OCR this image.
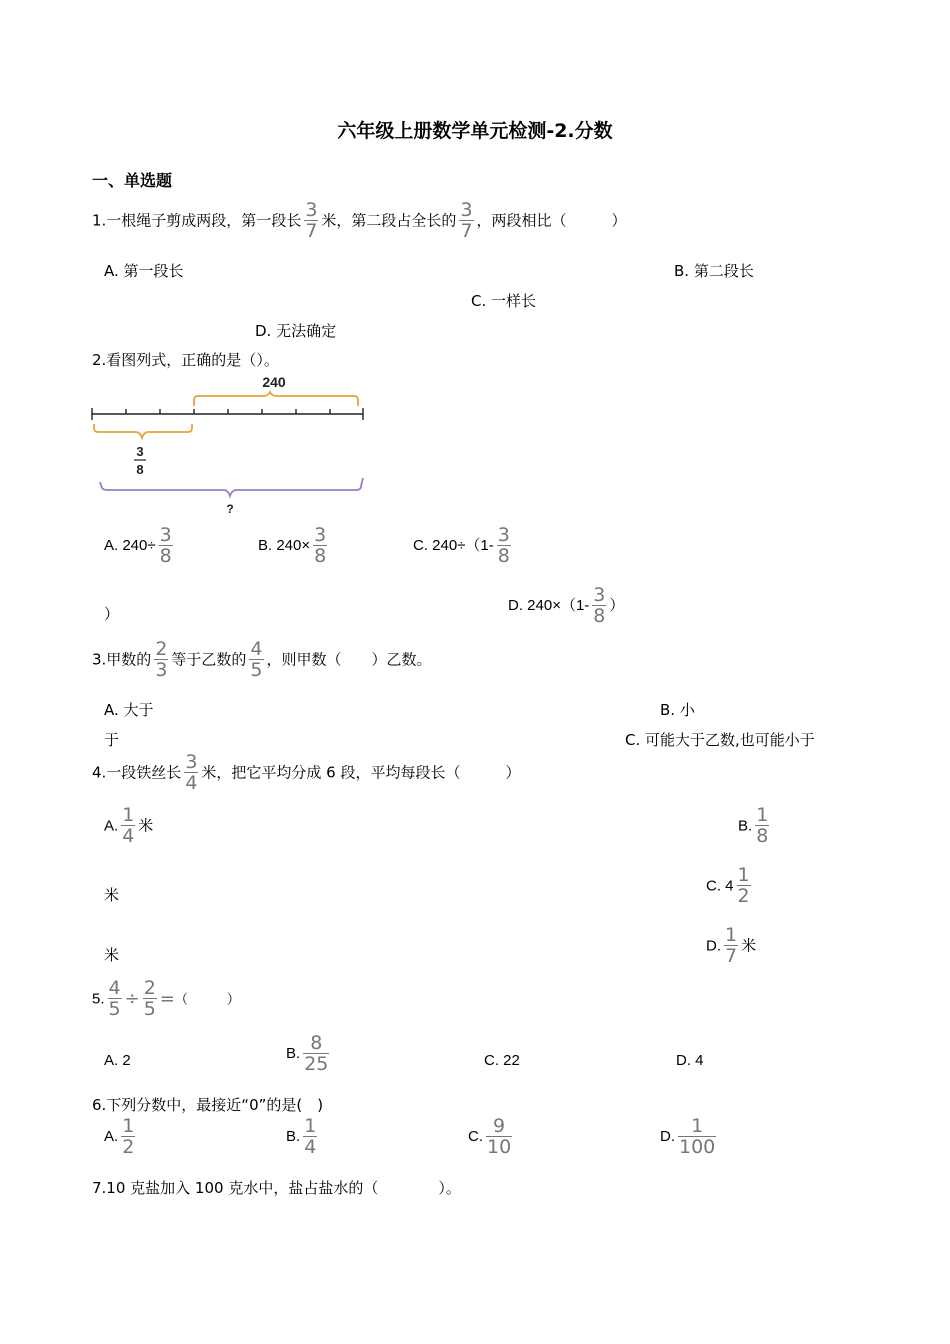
六年级上册数学单元检测-2.分数
一、单选题
1.一根绳子剪成两段，第一段长 $\frac{3}{7}$ 米，第二段占全长的 $\frac{3}{7}$ ，两段相比（　　　）
A. 第一段长	B. 第二段长
C. 一样长
D. 无法确定
2.看图列式，正确的是（）。
240
3
8
?
A. $240\div \frac{3}{8}$	B. $240\times \frac{3}{8}$	C. $240\div(1- \frac{3}{8}$
）
D. $240\times(1- \frac{3}{8}$ ）
3.甲数的 $\frac{2}{3}$ 等于乙数的 $\frac{4}{5}$ ，则甲数（　　）乙数。
A. 大于	B. 小
于	C. 可能大于乙数,也可能小于
4.一段铁丝长 $\frac{3}{4}$ 米，把它平均分成 6 段，平均每段长（　　　）
A. $\frac{1}{4}$ 米	B. $\frac{1}{8}$
米	C. $4 \frac{1}{2}$
米	D. $\frac{1}{7}$ 米
5. $\frac{4}{5} \div \frac{2}{5}$ =（　　　）
A. 2	B. $\frac{8}{25}$	C. 22	D. 4
6.下列分数中，最接近“0”的是(　)
A. $\frac{1}{2}$	B. $\frac{1}{4}$	C. $\frac{9}{10}$	D. $\frac{1}{100}$
7.10 克盐加入 100 克水中，盐占盐水的（　　　　）。
